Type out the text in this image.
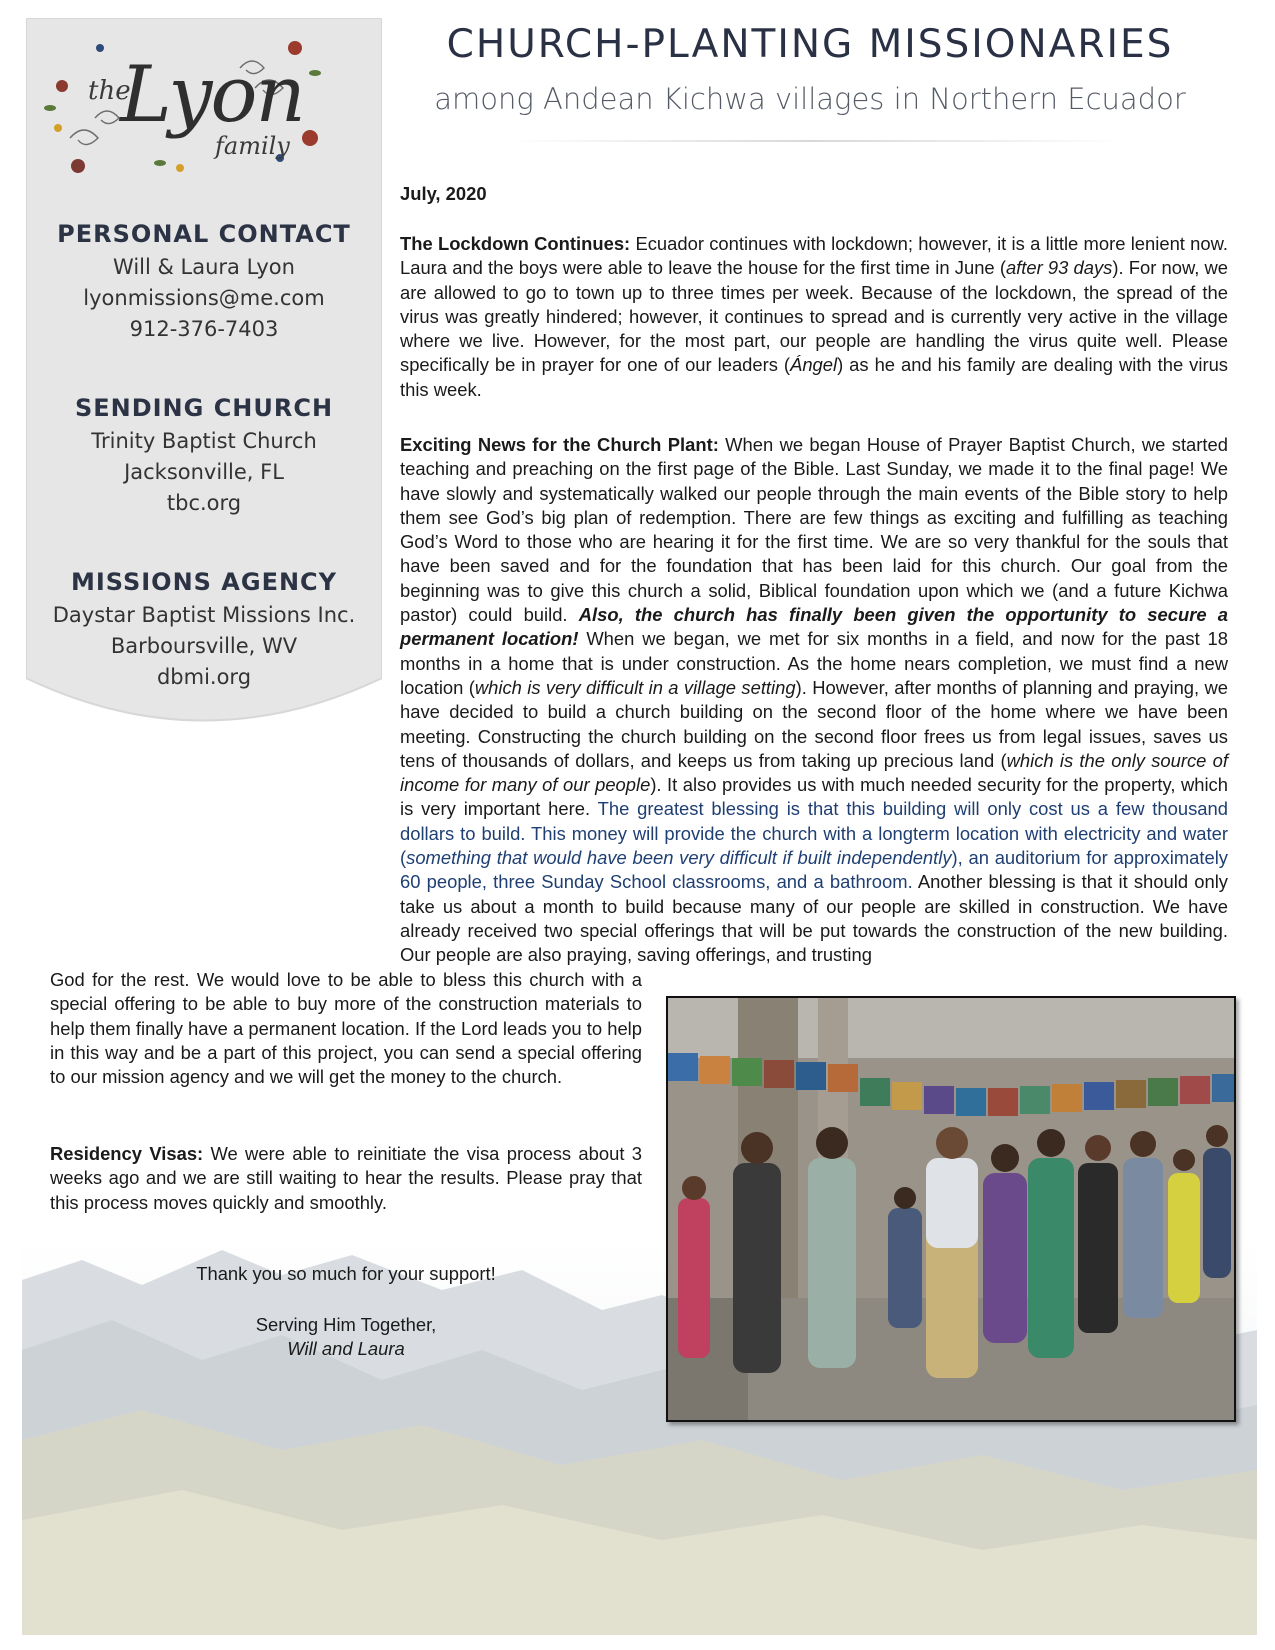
the
Lyon
family
PERSONAL CONTACT
Will & Laura Lyon
lyonmissions@me.com
912-376-7403
SENDING CHURCH
Trinity Baptist Church
Jacksonville, FL
tbc.org
MISSIONS AGENCY
Daystar Baptist Missions Inc.
Barboursville, WV
dbmi.org
CHURCH-PLANTING MISSIONARIES
among Andean Kichwa villages in Northern Ecuador
July, 2020
The Lockdown Continues: Ecuador continues with lockdown; however, it is a little more lenient now. Laura and the boys were able to leave the house for the first time in June (after 93 days). For now, we are allowed to go to town up to three times per week. Because of the lockdown, the spread of the virus was greatly hindered; however, it continues to spread and is currently very active in the village where we live. However, for the most part, our people are handling the virus quite well. Please specifically be in prayer for one of our leaders (Ángel) as he and his family are dealing with the virus this week.
Exciting News for the Church Plant: When we began House of Prayer Baptist Church, we started teaching and preaching on the first page of the Bible. Last Sunday, we made it to the final page! We have slowly and systematically walked our people through the main events of the Bible story to help them see God’s big plan of redemption. There are few things as exciting and fulfilling as teaching God’s Word to those who are hearing it for the first time. We are so very thankful for the souls that have been saved and for the foundation that has been laid for this church. Our goal from the beginning was to give this church a solid, Biblical foundation upon which we (and a future Kichwa pastor) could build. Also, the church has finally been given the opportunity to secure a permanent location! When we began, we met for six months in a field, and now for the past 18 months in a home that is under construction. As the home nears completion, we must find a new location (which is very difficult in a village setting). However, after months of planning and praying, we have decided to build a church building on the second floor of the home where we have been meeting. Constructing the church building on the second floor frees us from legal issues, saves us tens of thousands of dollars, and keeps us from taking up precious land (which is the only source of income for many of our people). It also provides us with much needed security for the property, which is very important here. The greatest blessing is that this building will only cost us a few thousand dollars to build. This money will provide the church with a longterm location with electricity and water (something that would have been very difficult if built independently), an auditorium for approximately 60 people, three Sunday School classrooms, and a bathroom. Another blessing is that it should only take us about a month to build because many of our people are skilled in construction. We have already received two special offerings that will be put towards the construction of the new building. Our people are also praying, saving offerings, and trusting
God for the rest. We would love to be able to bless this church with a special offering to be able to buy more of the construction materials to help them finally have a permanent location. If the Lord leads you to help in this way and be a part of this project, you can send a special offering to our mission agency and we will get the money to the church.
Residency Visas: We were able to reinitiate the visa process about 3 weeks ago and we are still waiting to hear the results. Please pray that this process moves quickly and smoothly.
Thank you so much for your support!
Serving Him Together,
Will and Laura
